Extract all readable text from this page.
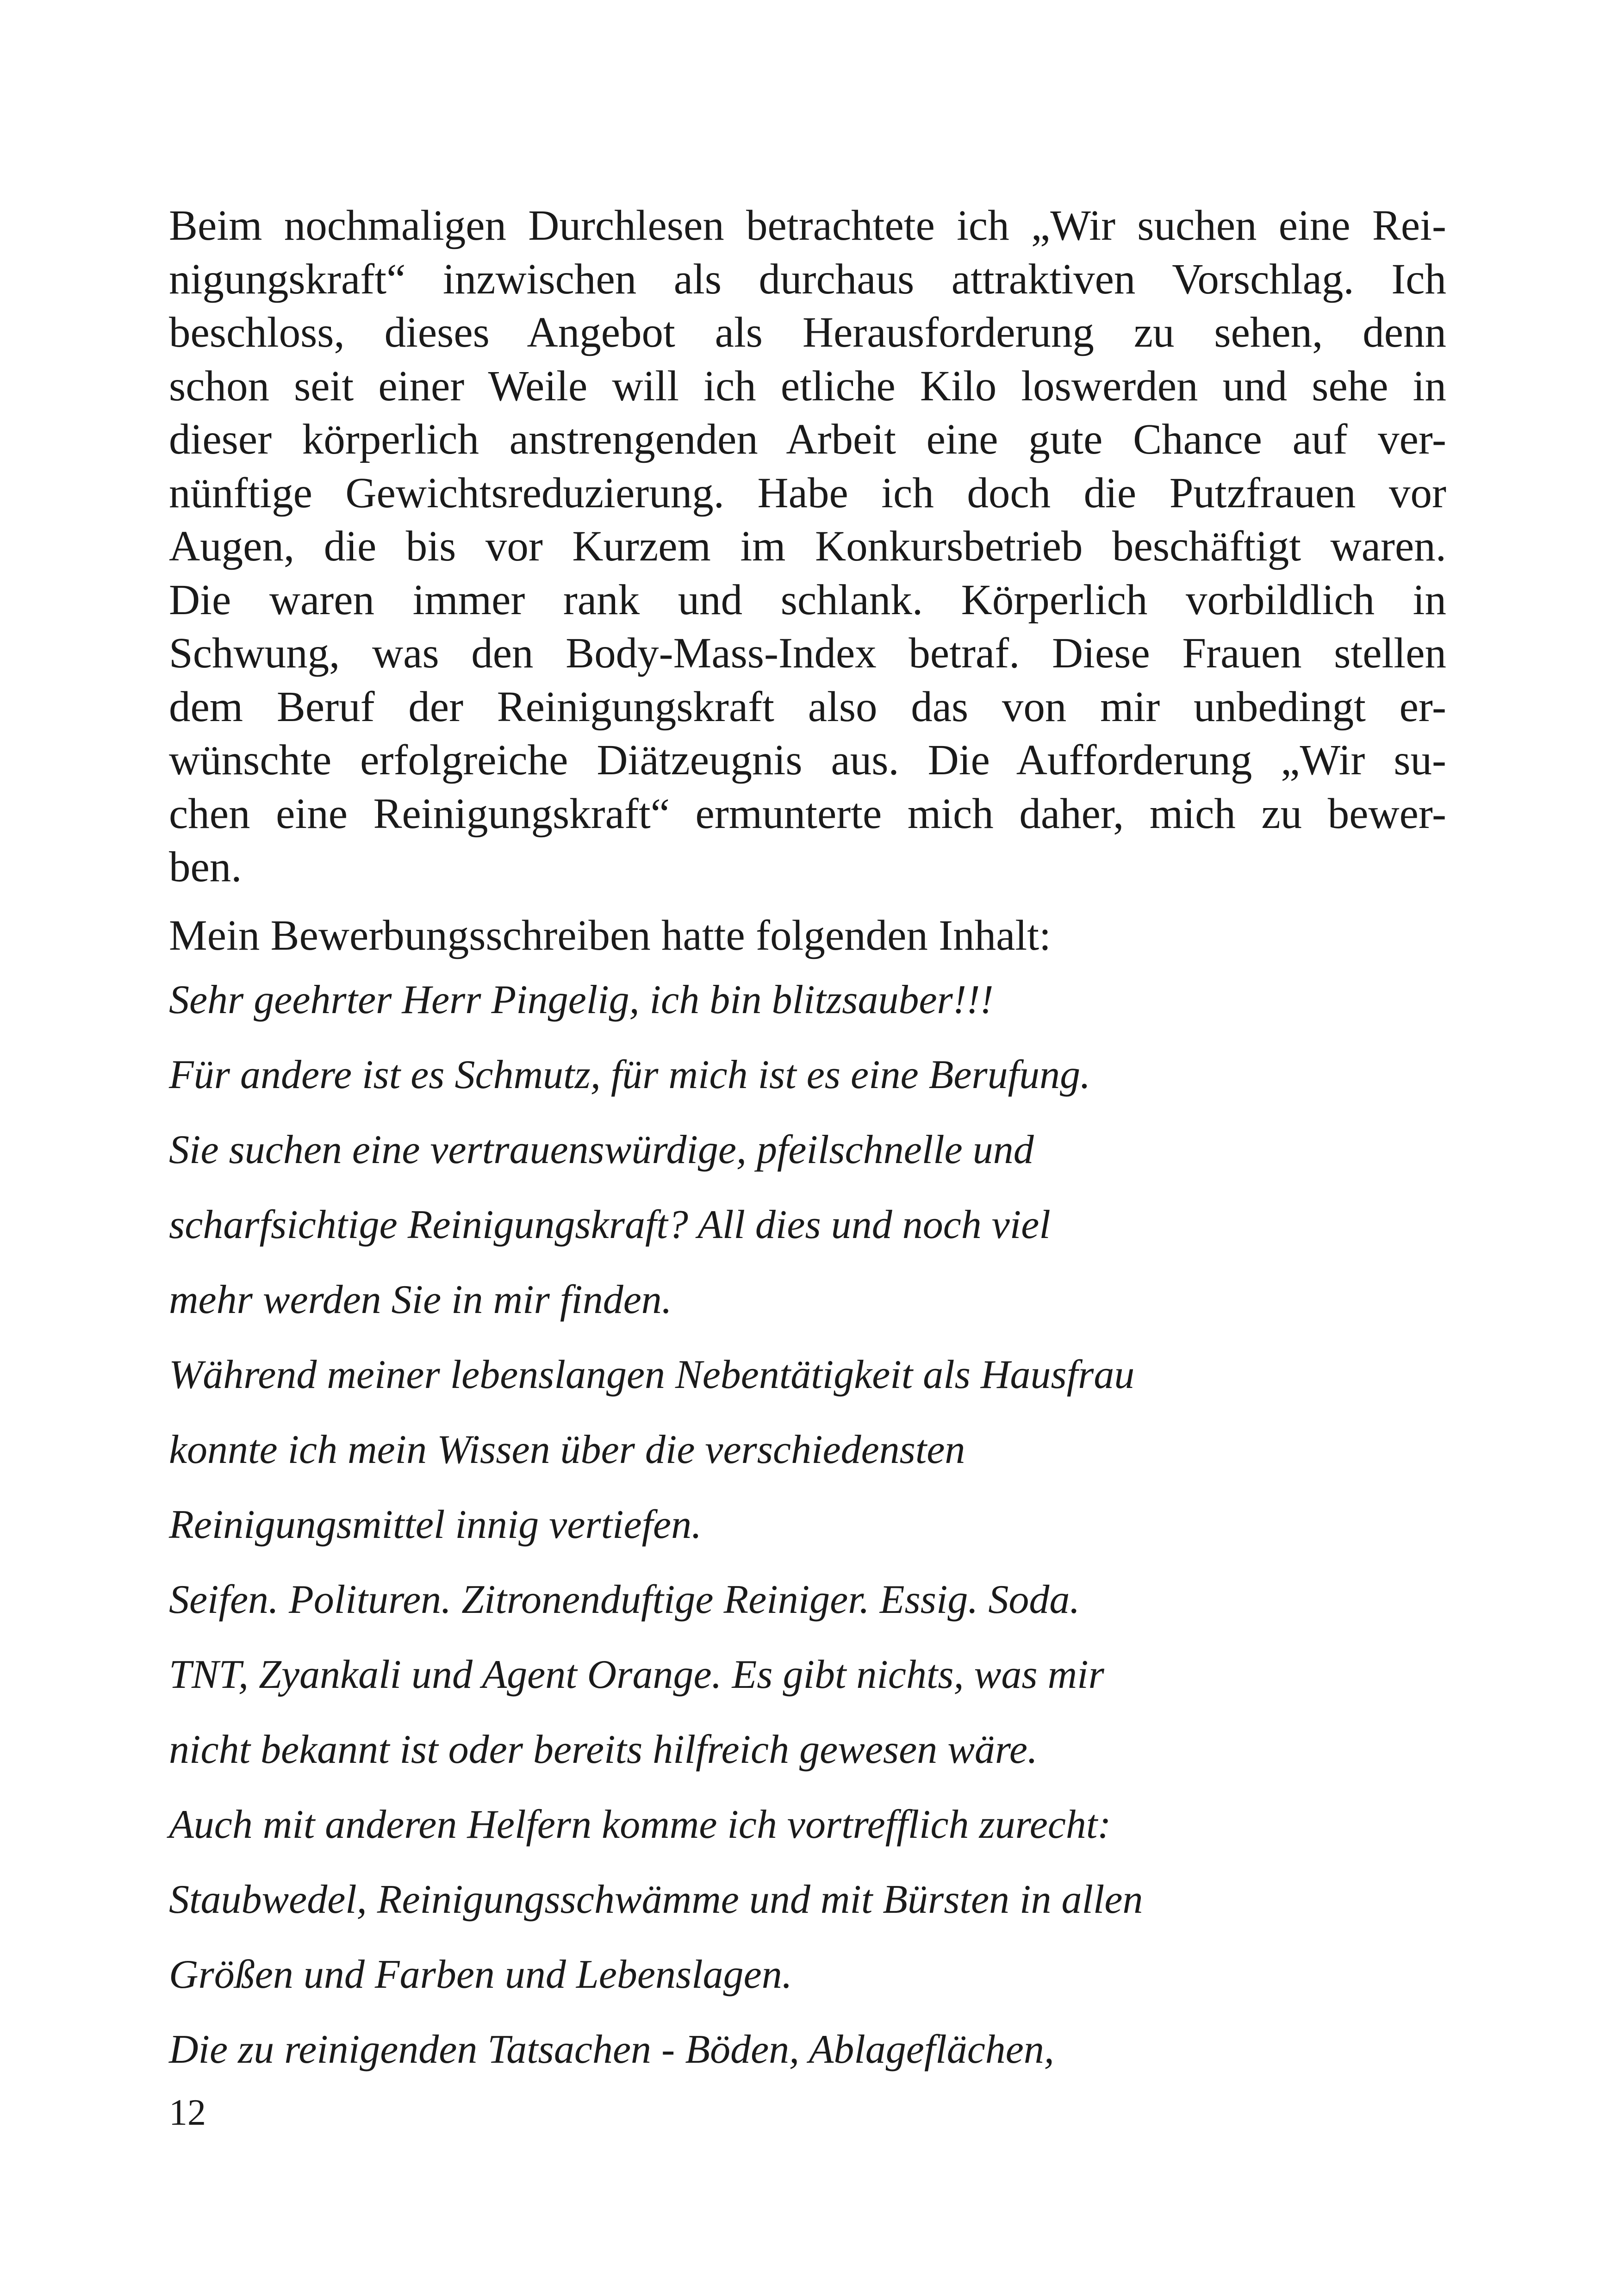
Beim nochmaligen Durchlesen betrachtete ich „Wir suchen eine Rei-
nigungskraft“ inzwischen als durchaus attraktiven Vorschlag. Ich
beschloss, dieses Angebot als Herausforderung zu sehen, denn
schon seit einer Weile will ich etliche Kilo loswerden und sehe in
dieser körperlich anstrengenden Arbeit eine gute Chance auf ver-
nünftige Gewichtsreduzierung. Habe ich doch die Putzfrauen vor
Augen, die bis vor Kurzem im Konkursbetrieb beschäftigt waren.
Die waren immer rank und schlank. Körperlich vorbildlich in
Schwung, was den Body-Mass-Index betraf. Diese Frauen stellen
dem Beruf der Reinigungskraft also das von mir unbedingt er-
wünschte erfolgreiche Diätzeugnis aus. Die Aufforderung „Wir su-
chen eine Reinigungskraft“ ermunterte mich daher, mich zu bewer-
ben.
Mein Bewerbungsschreiben hatte folgenden Inhalt:
Sehr geehrter Herr Pingelig, ich bin blitzsauber!!!
Für andere ist es Schmutz, für mich ist es eine Berufung.
Sie suchen eine vertrauenswürdige, pfeilschnelle und
scharfsichtige Reinigungskraft? All dies und noch viel
mehr werden Sie in mir finden.
Während meiner lebenslangen Nebentätigkeit als Hausfrau
konnte ich mein Wissen über die verschiedensten
Reinigungsmittel innig vertiefen.
Seifen. Polituren. Zitronenduftige Reiniger. Essig. Soda.
TNT, Zyankali und Agent Orange. Es gibt nichts, was mir
nicht bekannt ist oder bereits hilfreich gewesen wäre.
Auch mit anderen Helfern komme ich vortrefflich zurecht:
Staubwedel, Reinigungsschwämme und mit Bürsten in allen
Größen und Farben und Lebenslagen.
Die zu reinigenden Tatsachen - Böden, Ablageflächen,
12
